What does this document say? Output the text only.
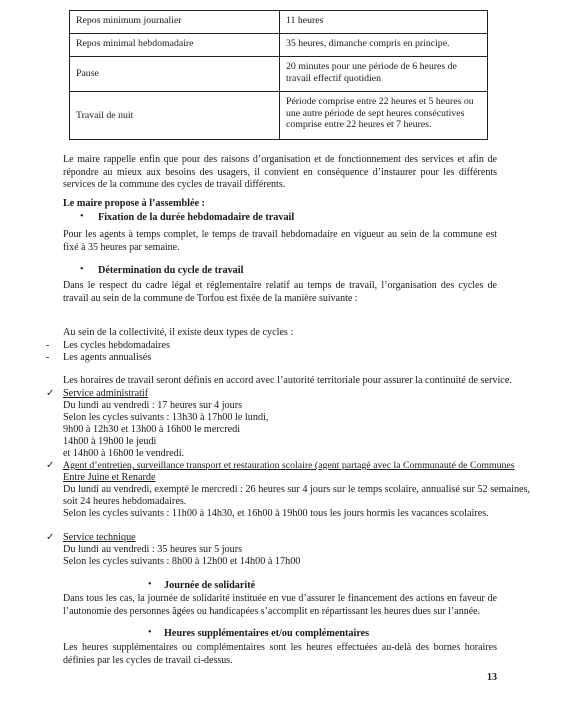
Repos minimum journalier	11 heures
Repos minimal hebdomadaire	35 heures, dimanche compris en principe.
Pause	20 minutes pour une période de 6 heures de travail effectif quotidien
Travail de nuit	Période comprise entre 22 heures et 5 heures ou une autre période de sept heures consécutives comprise entre 22 heures et 7 heures.
Le maire rappelle enfin que pour des raisons d’organisation et de fonctionnement des services et afin de répondre au mieux aux besoins des usagers, il convient en conséquence d’instaurer pour les différents services de la commune des cycles de travail différents.
Le maire propose à l’assemblée :
• Fixation de la durée hebdomadaire de travail
Pour les agents à temps complet, le temps de travail hebdomadaire en vigueur au sein de la commune est fixé à 35 heures par semaine.
• Détermination du cycle de travail
Dans le respect du cadre légal et réglementaire relatif au temps de travail, l’organisation des cycles de travail au sein de la commune de Torfou est fixée de la manière suivante :
Au sein de la collectivité, il existe deux types de cycles :
- Les cycles hebdomadaires
- Les agents annualisés
Les horaires de travail seront définis en accord avec l’autorité territoriale pour assurer la continuité de service.
✓ Service administratif
Du lundi au vendredi : 17 heures sur 4 jours
Selon les cycles suivants : 13h30 à 17h00 le lundi,
9h00 à 12h30 et 13h00 à 16h00 le mercredi
14h00 à 19h00 le jeudi
et 14h00 à 16h00 le vendredi.
✓ Agent d’entretien, surveillance transport et restauration scolaire (agent partagé avec la Communauté de Communes
Entre Juine et Renarde
Du lundi au vendredi, exempté le mercredi : 26 heures sur 4 jours sur le temps scolaire, annualisé sur 52 semaines,
soit 24 heures hebdomadaires.
Selon les cycles suivants : 11h00 à 14h30, et 16h00 à 19h00 tous les jours hormis les vacances scolaires.
✓ Service technique
Du lundi au vendredi : 35 heures sur 5 jours
Selon les cycles suivants : 8h00 à 12h00 et 14h00 à 17h00
• Journée de solidarité
Dans tous les cas, la journée de solidarité instituée en vue d’assurer le financement des actions en faveur de l’autonomie des personnes âgées ou handicapées s’accomplit en répartissant les heures dues sur l’année.
• Heures supplémentaires et/ou complémentaires
Les heures supplémentaires ou complémentaires sont les heures effectuées au-delà des bornes horaires définies par les cycles de travail ci-dessus.
13
